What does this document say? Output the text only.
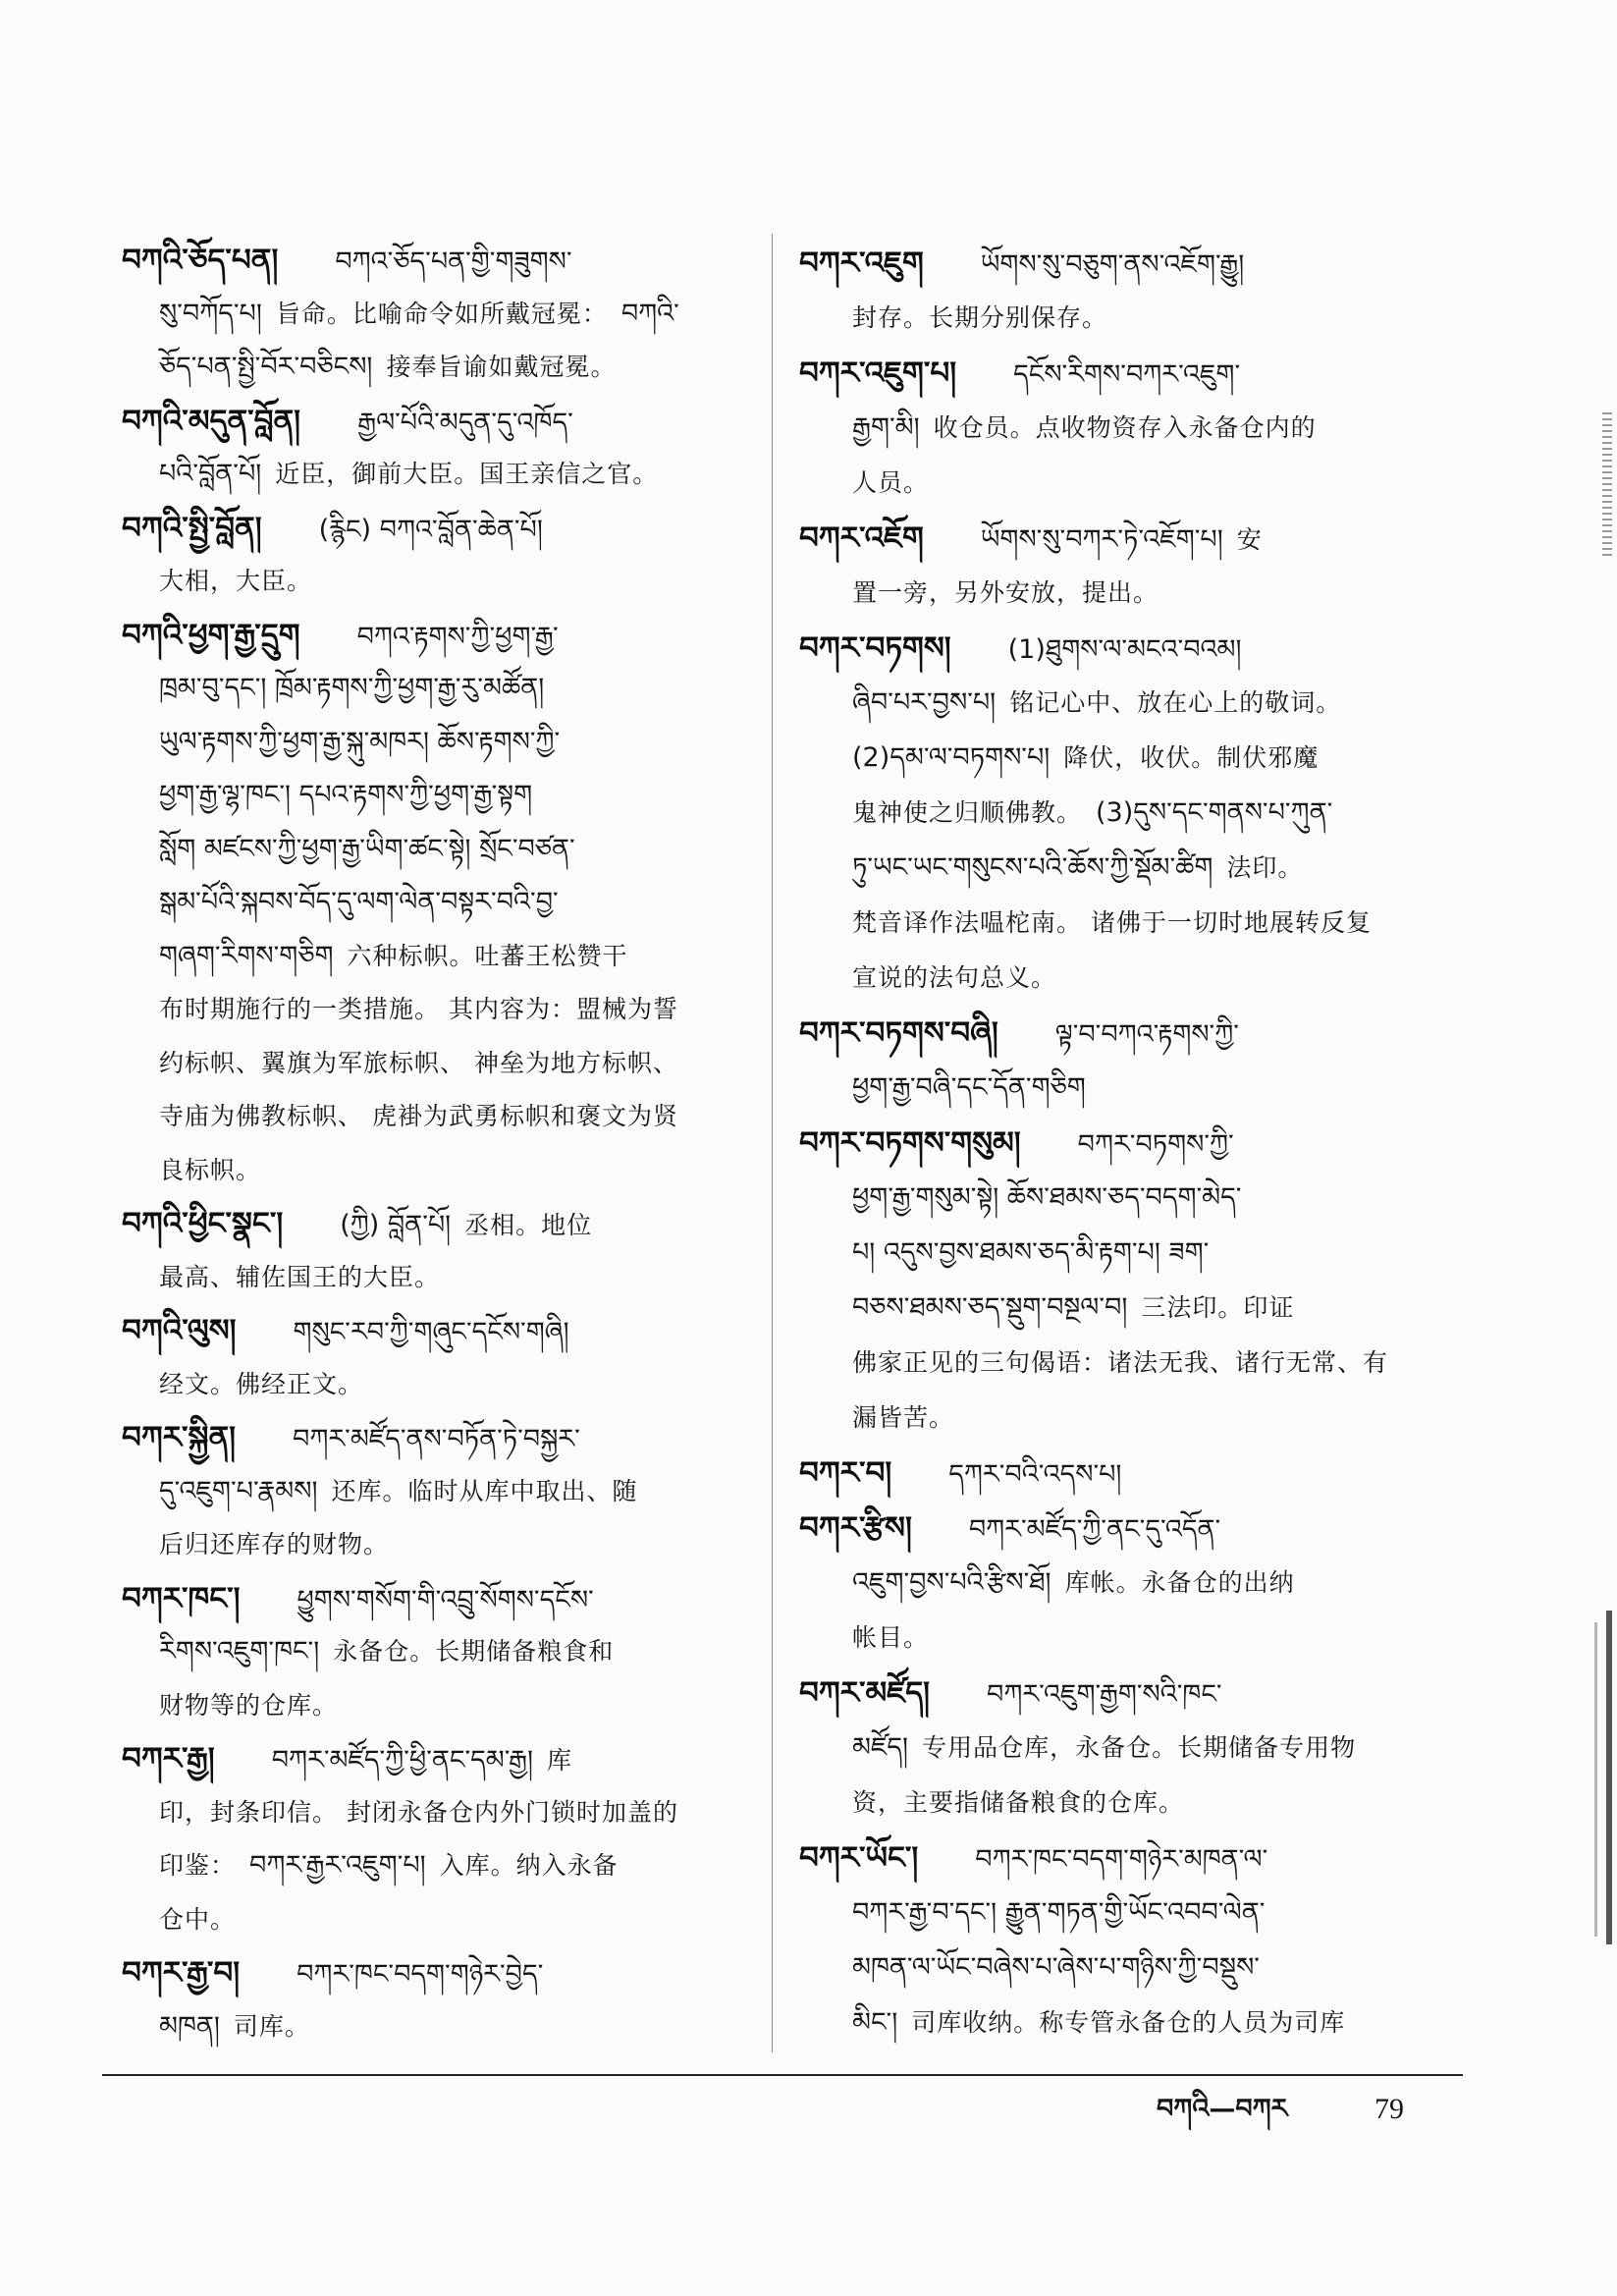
བཀའི་ཅོད་པན། བཀའ་ཅོད་པན་གྱི་གཟུགས་
སུ་བཀོད་པ། 旨命。比喻命令如所戴冠冕： བཀའི་
ཅོད་པན་སྤྱི་བོར་བཅིངས། 接奉旨谕如戴冠冕。
བཀའི་མདུན་བློན། རྒྱལ་པོའི་མདུན་དུ་འཁོད་
པའི་བློན་པོ། 近臣，御前大臣。国王亲信之官。
བཀའི་སྤྱི་བློན། (རྙིང) བཀའ་བློན་ཆེན་པོ།
大相，大臣。
བཀའི་ཕྱག་རྒྱ་དྲུག བཀའ་རྟགས་ཀྱི་ཕྱག་རྒྱ་
ཁྲམ་བུ་དང་། ཁྲོམ་རྟགས་ཀྱི་ཕྱག་རྒྱ་རུ་མཚོན།
ཡུལ་རྟགས་ཀྱི་ཕྱག་རྒྱ་སྐུ་མཁར། ཆོས་རྟགས་ཀྱི་
ཕྱག་རྒྱ་ལྷ་ཁང་། དཔའ་རྟགས་ཀྱི་ཕྱག་རྒྱ་སྟག
སློག མཛངས་ཀྱི་ཕྱག་རྒྱ་ཡིག་ཚང་སྟེ། སྲོང་བཙན་
སྒམ་པོའི་སྐབས་བོད་དུ་ལག་ལེན་བསྟར་བའི་བྱ་
གཞག་རིགས་གཅིག 六种标帜。吐蕃王松赞干
布时期施行的一类措施。 其内容为：盟械为誓
约标帜、翼旗为军旅标帜、 神垒为地方标帜、
寺庙为佛教标帜、 虎褂为武勇标帜和褒文为贤
良标帜。
བཀའི་ཕྱིང་སྣང་། (ཀྱི) བློན་པོ། 丞相。地位
最高、辅佐国王的大臣。
བཀའི་ལུས། གསུང་རབ་ཀྱི་གཞུང་དངོས་གཞི།
经文。佛经正文。
བཀར་སྐྱིན། བཀར་མཛོད་ནས་བཏོན་ཏེ་བསྐྱར་
དུ་འཇུག་པ་རྣམས། 还库。临时从库中取出、随
后归还库存的财物。
བཀར་ཁང་། ཕྱུགས་གསོག་གི་འབྲུ་སོགས་དངོས་
རིགས་འཇུག་ཁང་། 永备仓。长期储备粮食和
财物等的仓库。
བཀར་རྒྱ། བཀར་མཛོད་ཀྱི་ཕྱི་ནང་དམ་རྒྱ། 库
印，封条印信。 封闭永备仓内外门锁时加盖的
印鉴： བཀར་རྒྱར་འཇུག་པ། 入库。纳入永备
仓中。
བཀར་རྒྱ་བ། བཀར་ཁང་བདག་གཉེར་བྱེད་
མཁན། 司库。
བཀར་འཇུག ཡོགས་སུ་བཅུག་ནས་འཇོག་རྒྱུ།
封存。长期分别保存。
བཀར་འཇུག་པ། དངོས་རིགས་བཀར་འཇུག་
རྒྱག་མི། 收仓员。点收物资存入永备仓内的
人员。
བཀར་འཇོག ཡོགས་སུ་བཀར་ཏེ་འཇོག་པ། 安
置一旁，另外安放，提出。
བཀར་བཏགས། (1)ཐུགས་ལ་མངའ་བའམ།
ཞིབ་པར་བྱས་པ། 铭记心中、放在心上的敬词。
(2)དམ་ལ་བཏགས་པ། 降伏，收伏。制伏邪魔
鬼神使之归顺佛教。 (3)དུས་དང་གནས་པ་ཀུན་
ཏུ་ཡང་ཡང་གསུངས་པའི་ཆོས་ཀྱི་སྡོམ་ཚིག 法印。
梵音译作法嗢柁南。 诸佛于一切时地展转反复
宣说的法句总义。
བཀར་བཏགས་བཞི། ལྟ་བ་བཀའ་རྟགས་ཀྱི་
ཕྱག་རྒྱ་བཞི་དང་དོན་གཅིག
བཀར་བཏགས་གསུམ། བཀར་བཏགས་ཀྱི་
ཕྱག་རྒྱ་གསུམ་སྟེ། ཆོས་ཐམས་ཅད་བདག་མེད་
པ། འདུས་བྱས་ཐམས་ཅད་མི་རྟག་པ། ཟག་
བཅས་ཐམས་ཅད་སྡུག་བསྔལ་བ། 三法印。印证
佛家正见的三句偈语：诸法无我、诸行无常、有
漏皆苦。
བཀར་བ། དཀར་བའི་འདས་པ།
བཀར་རྩིས། བཀར་མཛོད་ཀྱི་ནང་དུ་འདོན་
འཇུག་བྱས་པའི་རྩིས་ཐོ། 库帐。永备仓的出纳
帐目。
བཀར་མཛོད། བཀར་འཇུག་རྒྱག་སའི་ཁང་
མཛོད། 专用品仓库，永备仓。长期储备专用物
资，主要指储备粮食的仓库。
བཀར་ཡོང་། བཀར་ཁང་བདག་གཉེར་མཁན་ལ་
བཀར་རྒྱ་བ་དང་། རྒྱུན་གཏན་གྱི་ཡོང་འབབ་ལེན་
མཁན་ལ་ཡོང་བཞེས་པ་ཞེས་པ་གཉིས་ཀྱི་བསྡུས་
མིང་། 司库收纳。称专管永备仓的人员为司库
བཀའི—བཀར	79
